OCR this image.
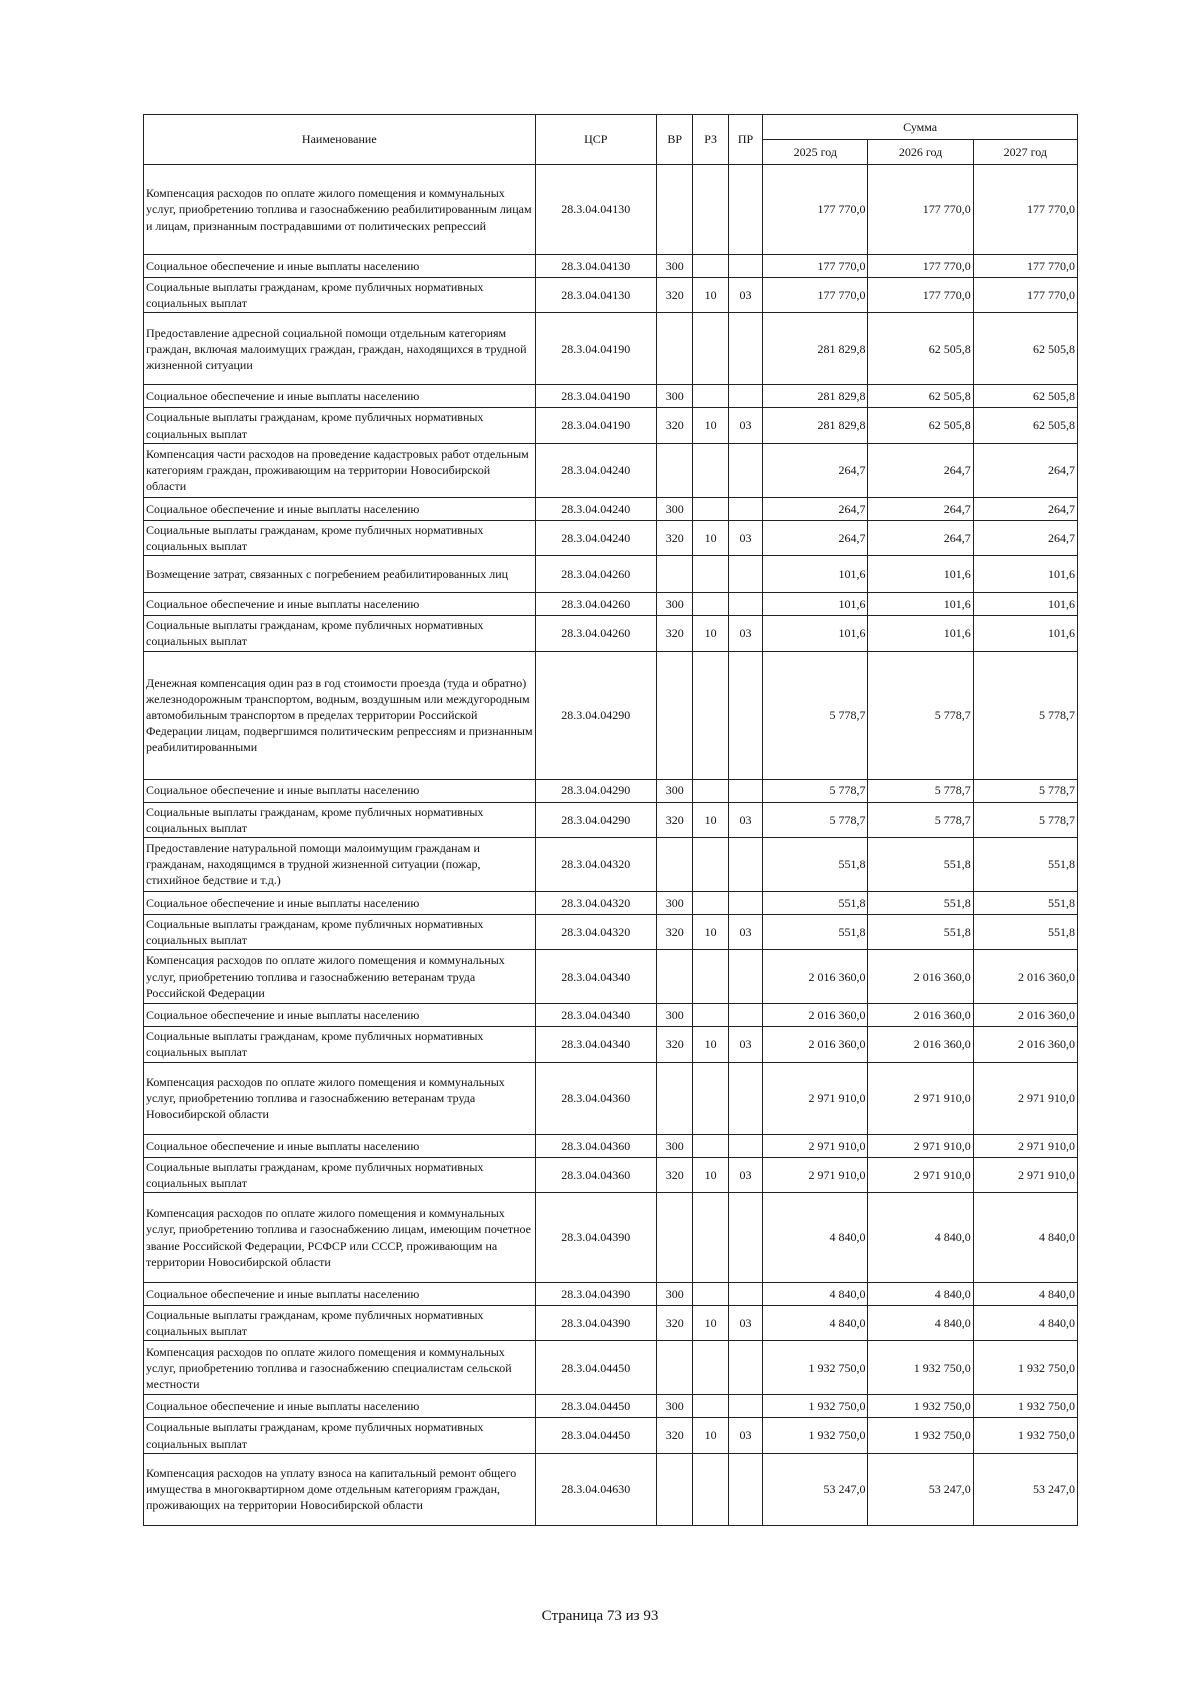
Наименование	ЦСР	ВР	РЗ	ПР	Сумма		
					2025 год	2026 год	2027 год
Компенсация расходов по оплате жилого помещения и коммунальных услуг, приобретению топлива и газоснабжению реабилитированным лицам и лицам, признанным пострадавшими от политических репрессий	28.3.04.04130				177 770,0	177 770,0	177 770,0
Социальное обеспечение и иные выплаты населению	28.3.04.04130	300			177 770,0	177 770,0	177 770,0
Социальные выплаты гражданам, кроме публичных нормативных социальных выплат	28.3.04.04130	320	10	03	177 770,0	177 770,0	177 770,0
Предоставление адресной социальной помощи отдельным категориям граждан, включая малоимущих граждан, граждан, находящихся в трудной жизненной ситуации	28.3.04.04190				281 829,8	62 505,8	62 505,8
Социальное обеспечение и иные выплаты населению	28.3.04.04190	300			281 829,8	62 505,8	62 505,8
Социальные выплаты гражданам, кроме публичных нормативных социальных выплат	28.3.04.04190	320	10	03	281 829,8	62 505,8	62 505,8
Компенсация части расходов на проведение кадастровых работ отдельным категориям граждан, проживающим на территории Новосибирской области	28.3.04.04240				264,7	264,7	264,7
Социальное обеспечение и иные выплаты населению	28.3.04.04240	300			264,7	264,7	264,7
Социальные выплаты гражданам, кроме публичных нормативных социальных выплат	28.3.04.04240	320	10	03	264,7	264,7	264,7
Возмещение затрат, связанных с погребением реабилитированных лиц	28.3.04.04260				101,6	101,6	101,6
Социальное обеспечение и иные выплаты населению	28.3.04.04260	300			101,6	101,6	101,6
Социальные выплаты гражданам, кроме публичных нормативных социальных выплат	28.3.04.04260	320	10	03	101,6	101,6	101,6
Денежная компенсация один раз в год стоимости проезда (туда и обратно) железнодорожным транспортом, водным, воздушным или междугородным автомобильным транспортом в пределах территории Российской Федерации лицам, подвергшимся политическим репрессиям и признанным реабилитированными	28.3.04.04290				5 778,7	5 778,7	5 778,7
Социальное обеспечение и иные выплаты населению	28.3.04.04290	300			5 778,7	5 778,7	5 778,7
Социальные выплаты гражданам, кроме публичных нормативных социальных выплат	28.3.04.04290	320	10	03	5 778,7	5 778,7	5 778,7
Предоставление натуральной помощи малоимущим гражданам и гражданам, находящимся в трудной жизненной ситуации (пожар, стихийное бедствие и т.д.)	28.3.04.04320				551,8	551,8	551,8
Социальное обеспечение и иные выплаты населению	28.3.04.04320	300			551,8	551,8	551,8
Социальные выплаты гражданам, кроме публичных нормативных социальных выплат	28.3.04.04320	320	10	03	551,8	551,8	551,8
Компенсация расходов по оплате жилого помещения и коммунальных услуг, приобретению топлива и газоснабжению ветеранам труда Российской Федерации	28.3.04.04340				2 016 360,0	2 016 360,0	2 016 360,0
Социальное обеспечение и иные выплаты населению	28.3.04.04340	300			2 016 360,0	2 016 360,0	2 016 360,0
Социальные выплаты гражданам, кроме публичных нормативных социальных выплат	28.3.04.04340	320	10	03	2 016 360,0	2 016 360,0	2 016 360,0
Компенсация расходов по оплате жилого помещения и коммунальных услуг, приобретению топлива и газоснабжению ветеранам труда Новосибирской области	28.3.04.04360				2 971 910,0	2 971 910,0	2 971 910,0
Социальное обеспечение и иные выплаты населению	28.3.04.04360	300			2 971 910,0	2 971 910,0	2 971 910,0
Социальные выплаты гражданам, кроме публичных нормативных социальных выплат	28.3.04.04360	320	10	03	2 971 910,0	2 971 910,0	2 971 910,0
Компенсация расходов по оплате жилого помещения и коммунальных услуг, приобретению топлива и газоснабжению лицам, имеющим почетное звание Российской Федерации, РСФСР или СССР, проживающим на территории Новосибирской области	28.3.04.04390				4 840,0	4 840,0	4 840,0
Социальное обеспечение и иные выплаты населению	28.3.04.04390	300			4 840,0	4 840,0	4 840,0
Социальные выплаты гражданам, кроме публичных нормативных социальных выплат	28.3.04.04390	320	10	03	4 840,0	4 840,0	4 840,0
Компенсация расходов по оплате жилого помещения и коммунальных услуг, приобретению топлива и газоснабжению специалистам сельской местности	28.3.04.04450				1 932 750,0	1 932 750,0	1 932 750,0
Социальное обеспечение и иные выплаты населению	28.3.04.04450	300			1 932 750,0	1 932 750,0	1 932 750,0
Социальные выплаты гражданам, кроме публичных нормативных социальных выплат	28.3.04.04450	320	10	03	1 932 750,0	1 932 750,0	1 932 750,0
Компенсация расходов на уплату взноса на капитальный ремонт общего имущества в многоквартирном доме отдельным категориям граждан, проживающих на территории Новосибирской области	28.3.04.04630				53 247,0	53 247,0	53 247,0
Страница 73 из 93
